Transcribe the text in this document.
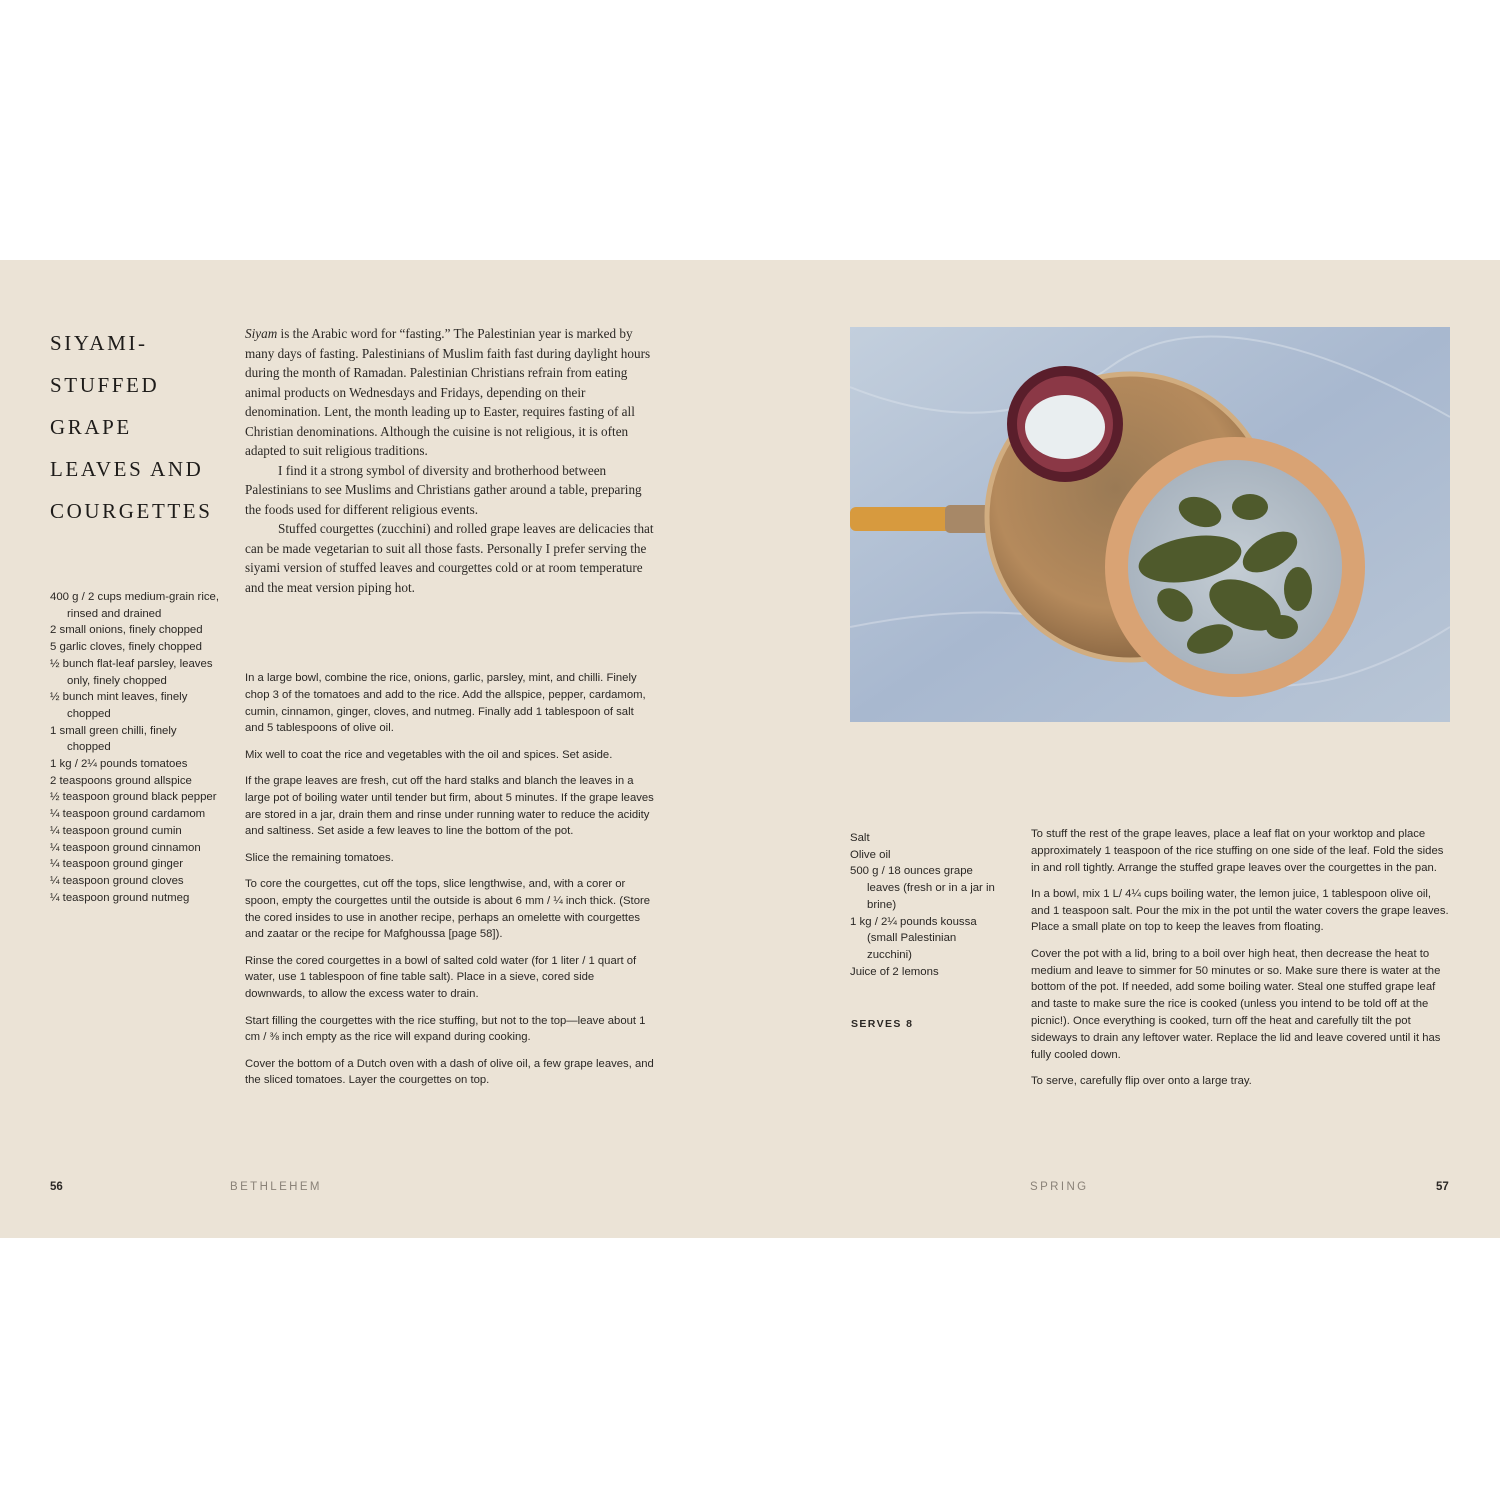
SIYAMI-
STUFFED
GRAPE
LEAVES AND
COURGETTES

Siyam is the Arabic word for “fasting.” The Palestinian year is marked by many days of fasting. Palestinians of Muslim faith fast during daylight hours during the month of Ramadan. Palestinian Christians refrain from eating animal products on Wednesdays and Fridays, depending on their denomination. Lent, the month leading up to Easter, requires fasting of all Christian denominations. Although the cuisine is not religious, it is often adapted to suit religious traditions.

I find it a strong symbol of diversity and brotherhood between Palestinians to see Muslims and Christians gather around a table, preparing the foods used for different religious events.

Stuffed courgettes (zucchini) and rolled grape leaves are delicacies that can be made vegetarian to suit all those fasts. Personally I prefer serving the siyami version of stuffed leaves and courgettes cold or at room temperature and the meat version piping hot.

400 g / 2 cups medium-grain rice, rinsed and drained
2 small onions, finely chopped
5 garlic cloves, finely chopped
½ bunch flat-leaf parsley, leaves only, finely chopped
½ bunch mint leaves, finely chopped
1 small green chilli, finely chopped
1 kg / 2¼ pounds tomatoes
2 teaspoons ground allspice
½ teaspoon ground black pepper
¼ teaspoon ground cardamom
¼ teaspoon ground cumin
¼ teaspoon ground cinnamon
¼ teaspoon ground ginger
¼ teaspoon ground cloves
¼ teaspoon ground nutmeg

In a large bowl, combine the rice, onions, garlic, parsley, mint, and chilli. Finely chop 3 of the tomatoes and add to the rice. Add the allspice, pepper, cardamom, cumin, cinnamon, ginger, cloves, and nutmeg. Finally add 1 tablespoon of salt and 5 tablespoons of olive oil.

Mix well to coat the rice and vegetables with the oil and spices. Set aside.

If the grape leaves are fresh, cut off the hard stalks and blanch the leaves in a large pot of boiling water until tender but firm, about 5 minutes. If the grape leaves are stored in a jar, drain them and rinse under running water to reduce the acidity and saltiness. Set aside a few leaves to line the bottom of the pot.

Slice the remaining tomatoes.

To core the courgettes, cut off the tops, slice lengthwise, and, with a corer or spoon, empty the courgettes until the outside is about 6 mm / ¼ inch thick. (Store the cored insides to use in another recipe, perhaps an omelette with courgettes and zaatar or the recipe for Mafghoussa [page 58]).

Rinse the cored courgettes in a bowl of salted cold water (for 1 liter / 1 quart of water, use 1 tablespoon of fine table salt). Place in a sieve, cored side downwards, to allow the excess water to drain.

Start filling the courgettes with the rice stuffing, but not to the top—leave about 1 cm / ⅜ inch empty as the rice will expand during cooking.

Cover the bottom of a Dutch oven with a dash of olive oil, a few grape leaves, and the sliced tomatoes. Layer the courgettes on top.

Salt
Olive oil
500 g / 18 ounces grape leaves (fresh or in a jar in brine)
1 kg / 2¼ pounds koussa (small Palestinian zucchini)
Juice of 2 lemons
SERVES 8

To stuff the rest of the grape leaves, place a leaf flat on your worktop and place approximately 1 teaspoon of the rice stuffing on one side of the leaf. Fold the sides in and roll tightly. Arrange the stuffed grape leaves over the courgettes in the pan.

In a bowl, mix 1 L/ 4¼ cups boiling water, the lemon juice, 1 tablespoon olive oil, and 1 teaspoon salt. Pour the mix in the pot until the water covers the grape leaves. Place a small plate on top to keep the leaves from floating.

Cover the pot with a lid, bring to a boil over high heat, then decrease the heat to medium and leave to simmer for 50 minutes or so. Make sure there is water at the bottom of the pot. If needed, add some boiling water. Steal one stuffed grape leaf and taste to make sure the rice is cooked (unless you intend to be told off at the picnic!). Once everything is cooked, turn off the heat and carefully tilt the pot sideways to drain any leftover water. Replace the lid and leave covered until it has fully cooled down.

To serve, carefully flip over onto a large tray.

56	BETHLEHEM	SPRING	57
